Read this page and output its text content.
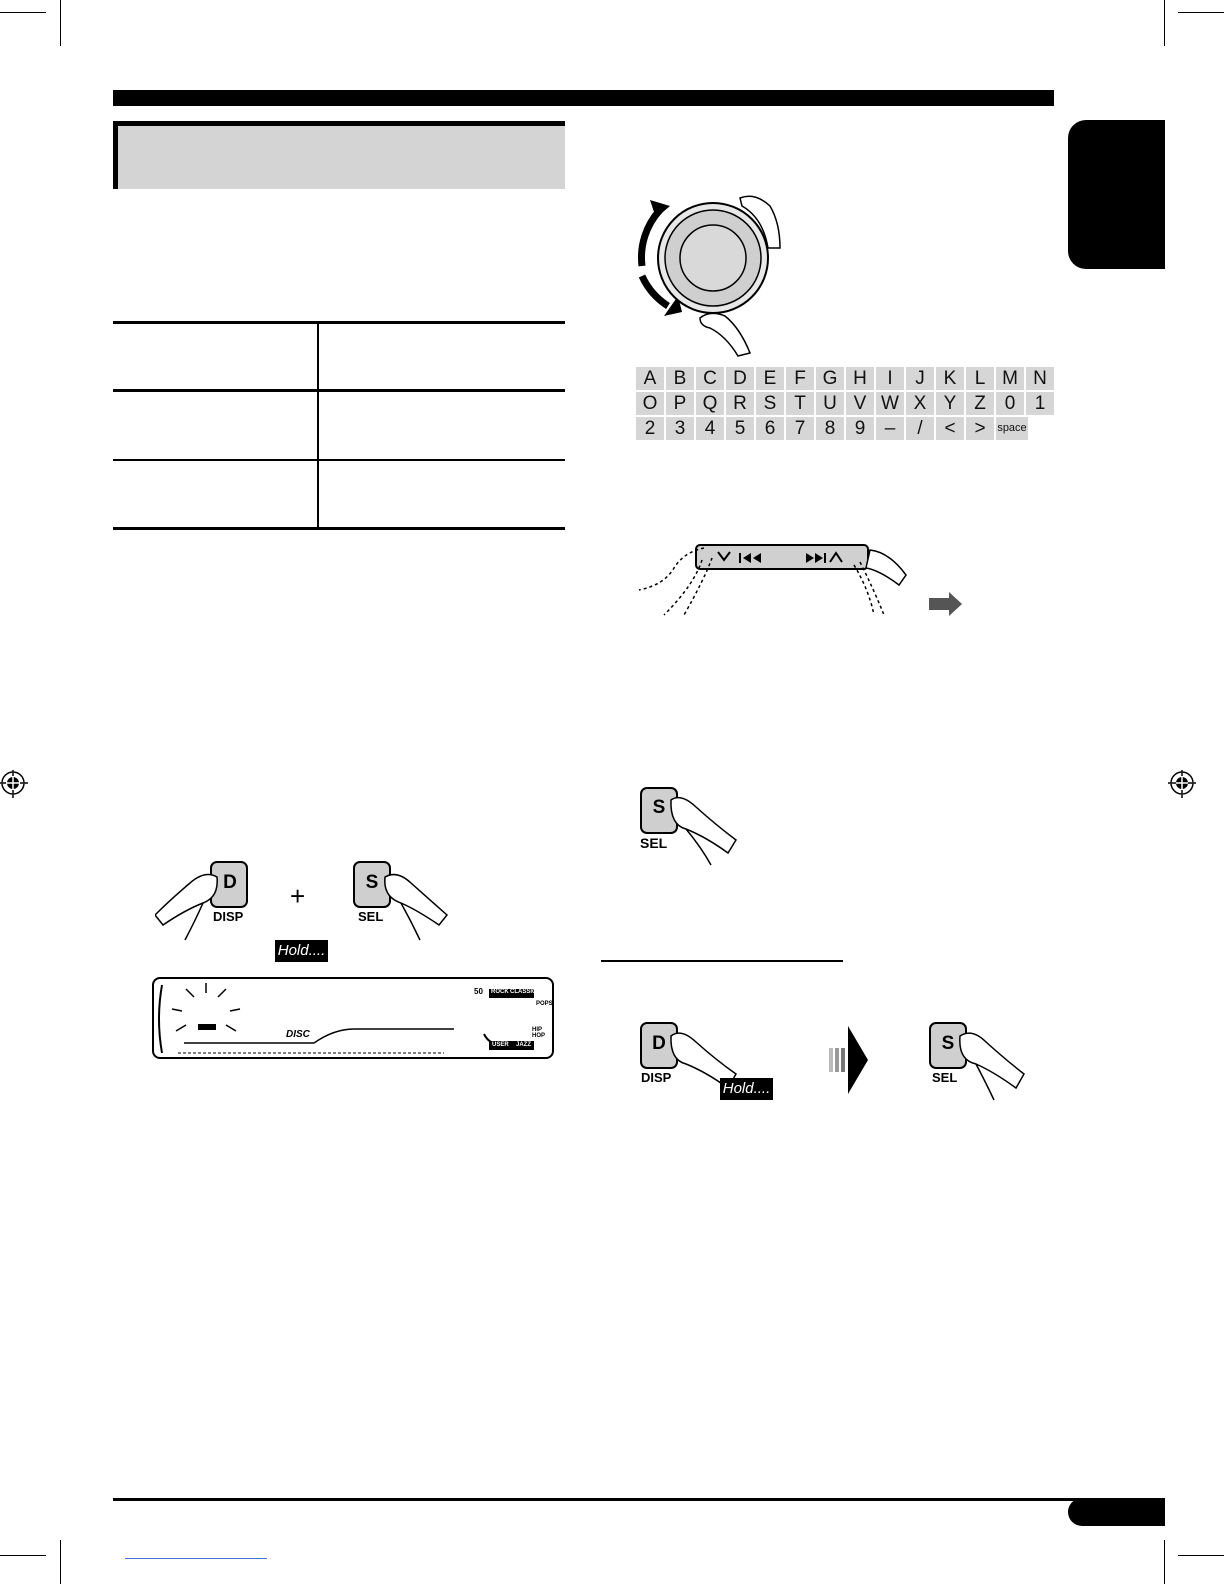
A B C D E F G H	I	J K L M N
O P Q R S T U V W X Y Z 0	1
2	3	4	5	6	7	8	9	–	/	< >	space
S
SEL
D
DISP
+	S
SEL
Hold....
DISC
50 ROCK CLASSIC
POPS
HIP HOP
USER JAZZ	D
DISP
Hold....
S
SEL
